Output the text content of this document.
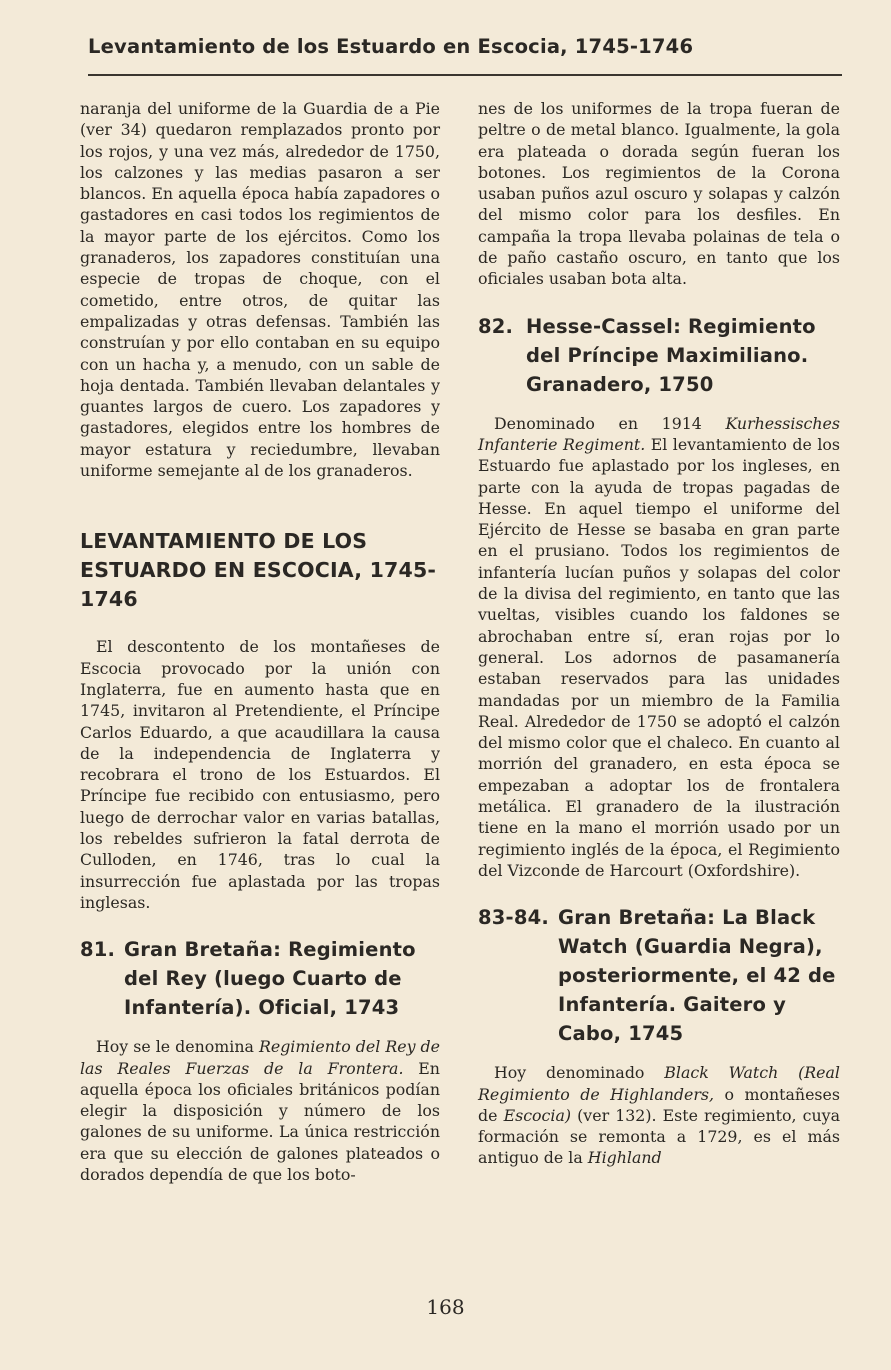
Levantamiento de los Estuardo en Escocia, 1745-1746

naranja del uniforme de la Guardia de a Pie (ver 34) quedaron remplazados pronto por los rojos, y una vez más, alrededor de 1750, los calzones y las medias pasaron a ser blancos. En aquella época había zapadores o gastadores en casi todos los regimientos de la mayor parte de los ejércitos. Como los granaderos, los zapadores constituían una especie de tropas de choque, con el cometido, entre otros, de quitar las empalizadas y otras defensas. También las construían y por ello contaban en su equipo con un hacha y, a menudo, con un sable de hoja dentada. También llevaban delantales y guantes largos de cuero. Los zapadores y gastadores, elegidos entre los hombres de mayor estatura y reciedumbre, llevaban uniforme semejante al de los granaderos.

LEVANTAMIENTO DE LOS ESTUARDO EN ESCOCIA, 1745-1746

El descontento de los montañeses de Escocia provocado por la unión con Inglaterra, fue en aumento hasta que en 1745, invitaron al Pretendiente, el Príncipe Carlos Eduardo, a que acaudillara la causa de la independencia de Inglaterra y recobrara el trono de los Estuardos. El Príncipe fue recibido con entusiasmo, pero luego de derrochar valor en varias batallas, los rebeldes sufrieron la fatal derrota de Culloden, en 1746, tras lo cual la insurrección fue aplastada por las tropas inglesas.

81. Gran Bretaña: Regimiento del Rey (luego Cuarto de Infantería). Oficial, 1743

Hoy se le denomina Regimiento del Rey de las Reales Fuerzas de la Frontera. En aquella época los oficiales británicos podían elegir la disposición y número de los galones de su uniforme. La única restricción era que su elección de galones plateados o dorados dependía de que los boto-

nes de los uniformes de la tropa fueran de peltre o de metal blanco. Igualmente, la gola era plateada o dorada según fueran los botones. Los regimientos de la Corona usaban puños azul oscuro y solapas y calzón del mismo color para los desfiles. En campaña la tropa llevaba polainas de tela o de paño castaño oscuro, en tanto que los oficiales usaban bota alta.

82. Hesse-Cassel: Regimiento del Príncipe Maximiliano. Granadero, 1750

Denominado en 1914 Kurhessisches Infanterie Regiment. El levantamiento de los Estuardo fue aplastado por los ingleses, en parte con la ayuda de tropas pagadas de Hesse. En aquel tiempo el uniforme del Ejército de Hesse se basaba en gran parte en el prusiano. Todos los regimientos de infantería lucían puños y solapas del color de la divisa del regimiento, en tanto que las vueltas, visibles cuando los faldones se abrochaban entre sí, eran rojas por lo general. Los adornos de pasamanería estaban reservados para las unidades mandadas por un miembro de la Familia Real. Alrededor de 1750 se adoptó el calzón del mismo color que el chaleco. En cuanto al morrión del granadero, en esta época se empezaban a adoptar los de frontalera metálica. El granadero de la ilustración tiene en la mano el morrión usado por un regimiento inglés de la época, el Regimiento del Vizconde de Harcourt (Oxfordshire).

83-84. Gran Bretaña: La Black Watch (Guardia Negra), posteriormente, el 42 de Infantería. Gaitero y Cabo, 1745

Hoy denominado Black Watch (Real Regimiento de Highlanders, o montañeses de Escocia) (ver 132). Este regimiento, cuya formación se remonta a 1729, es el más antiguo de la Highland

168
